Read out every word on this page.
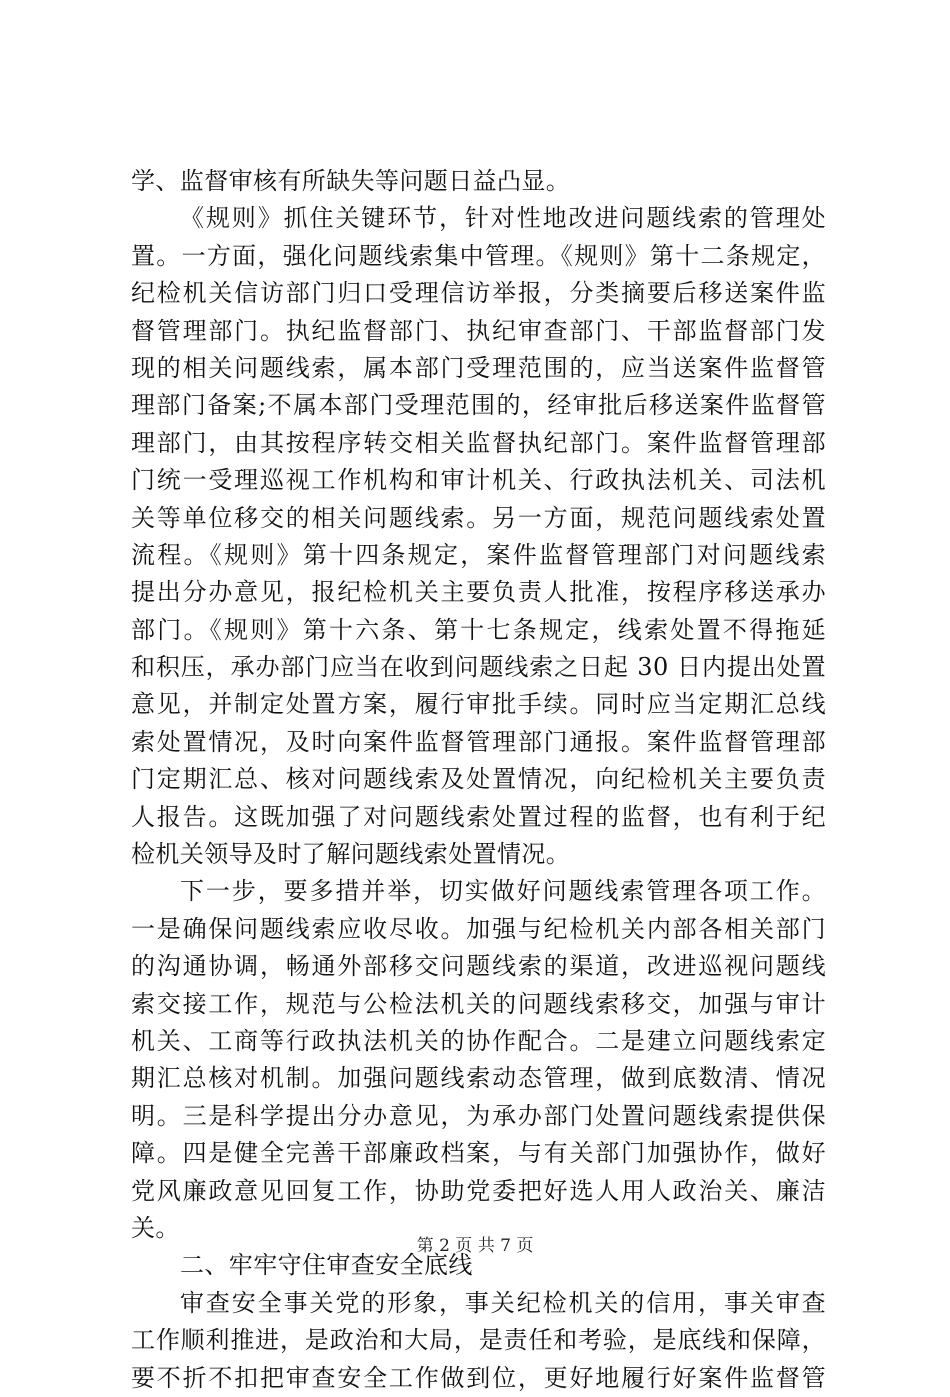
学、监督审核有所缺失等问题日益凸显。
《规则》抓住关键环节，针对性地改进问题线索的管理处
置。一方面，强化问题线索集中管理。《规则》第十二条规定，
纪检机关信访部门归口受理信访举报，分类摘要后移送案件监
督管理部门。执纪监督部门、执纪审查部门、干部监督部门发
现的相关问题线索，属本部门受理范围的，应当送案件监督管
理部门备案;不属本部门受理范围的，经审批后移送案件监督管
理部门，由其按程序转交相关监督执纪部门。案件监督管理部
门统一受理巡视工作机构和审计机关、行政执法机关、司法机
关等单位移交的相关问题线索。另一方面，规范问题线索处置
流程。《规则》第十四条规定，案件监督管理部门对问题线索
提出分办意见，报纪检机关主要负责人批准，按程序移送承办
部门。《规则》第十六条、第十七条规定，线索处置不得拖延
和积压，承办部门应当在收到问题线索之日起 30 日内提出处置
意见，并制定处置方案，履行审批手续。同时应当定期汇总线
索处置情况，及时向案件监督管理部门通报。案件监督管理部
门定期汇总、核对问题线索及处置情况，向纪检机关主要负责
人报告。这既加强了对问题线索处置过程的监督，也有利于纪
检机关领导及时了解问题线索处置情况。
下一步，要多措并举，切实做好问题线索管理各项工作。
一是确保问题线索应收尽收。加强与纪检机关内部各相关部门
的沟通协调，畅通外部移交问题线索的渠道，改进巡视问题线
索交接工作，规范与公检法机关的问题线索移交，加强与审计
机关、工商等行政执法机关的协作配合。二是建立问题线索定
期汇总核对机制。加强问题线索动态管理，做到底数清、情况
明。三是科学提出分办意见，为承办部门处置问题线索提供保
障。四是健全完善干部廉政档案，与有关部门加强协作，做好
党风廉政意见回复工作，协助党委把好选人用人政治关、廉洁
关。
二、牢牢守住审查安全底线
审查安全事关党的形象，事关纪检机关的信用，事关审查
工作顺利推进，是政治和大局，是责任和考验，是底线和保障，
要不折不扣把审查安全工作做到位，更好地履行好案件监督管
第 2 页 共 7 页
